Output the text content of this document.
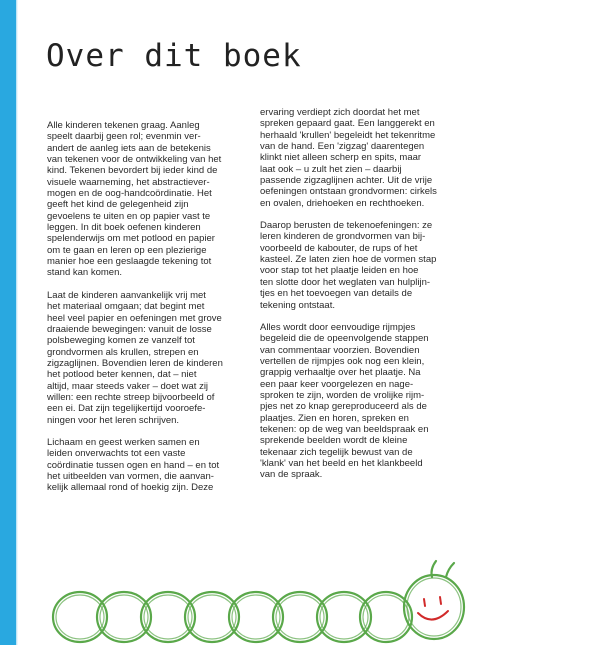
Over dit boek

Alle kinderen tekenen graag. Aanleg
speelt daarbij geen rol; evenmin ver-
andert de aanleg iets aan de betekenis
van tekenen voor de ontwikkeling van het
kind. Tekenen bevordert bij ieder kind de
visuele waarneming, het abstractiever-
mogen en de oog-handcoördinatie. Het
geeft het kind de gelegenheid zijn
gevoelens te uiten en op papier vast te
leggen. In dit boek oefenen kinderen
spelenderwijs om met potlood en papier
om te gaan en leren op een plezierige
manier hoe een geslaagde tekening tot
stand kan komen.

Laat de kinderen aanvankelijk vrij met
het materiaal omgaan; dat begint met
heel veel papier en oefeningen met grove
draaiende bewegingen: vanuit de losse
polsbeweging komen ze vanzelf tot
grondvormen als krullen, strepen en
zigzaglijnen. Bovendien leren de kinderen
het potlood beter kennen, dat – niet
altijd, maar steeds vaker – doet wat zij
willen: een rechte streep bijvoorbeeld of
een ei. Dat zijn tegelijkertijd vooroefe-
ningen voor het leren schrijven.

Lichaam en geest werken samen en
leiden onverwachts tot een vaste
coördinatie tussen ogen en hand – en tot
het uitbeelden van vormen, die aanvan-
kelijk allemaal rond of hoekig zijn. Deze

ervaring verdiept zich doordat het met
spreken gepaard gaat. Een langgerekt en
herhaald 'krullen' begeleidt het tekenritme
van de hand. Een 'zigzag' daarentegen
klinkt niet alleen scherp en spits, maar
laat ook – u zult het zien – daarbij
passende zigzaglijnen achter. Uit de vrije
oefeningen ontstaan grondvormen: cirkels
en ovalen, driehoeken en rechthoeken.

Daarop berusten de tekenoefeningen: ze
leren kinderen de grondvormen van bij-
voorbeeld de kabouter, de rups of het
kasteel. Ze laten zien hoe de vormen stap
voor stap tot het plaatje leiden en hoe
ten slotte door het weglaten van hulplijn-
tjes en het toevoegen van details de
tekening ontstaat.

Alles wordt door eenvoudige rijmpjes
begeleid die de opeenvolgende stappen
van commentaar voorzien. Bovendien
vertellen de rijmpjes ook nog een klein,
grappig verhaaltje over het plaatje. Na
een paar keer voorgelezen en nage-
sproken te zijn, worden de vrolijke rijm-
pjes net zo knap gereproduceerd als de
plaatjes. Zien en horen, spreken en
tekenen: op de weg van beeldspraak en
sprekende beelden wordt de kleine
tekenaar zich tegelijk bewust van de
'klank' van het beeld en het klankbeeld
van de spraak.
